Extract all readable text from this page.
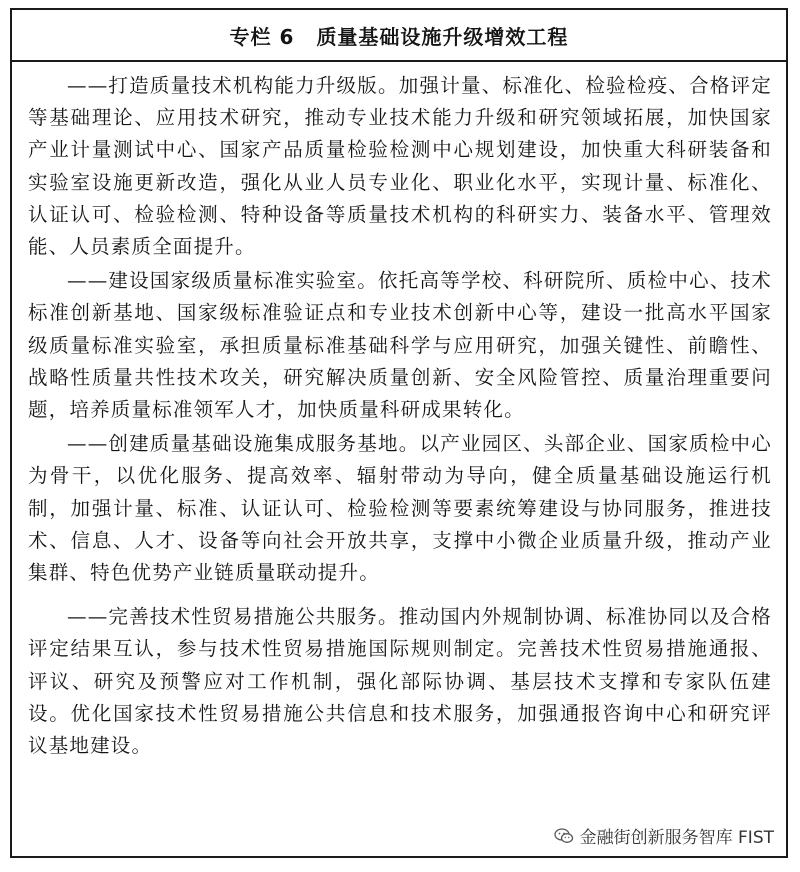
专栏 6 质量基础设施升级增效工程

——打造质量技术机构能力升级版。加强计量、标准化、检验检疫、合格评定等基础理论、应用技术研究，推动专业技术能力升级和研究领域拓展，加快国家产业计量测试中心、国家产品质量检验检测中心规划建设，加快重大科研装备和实验室设施更新改造，强化从业人员专业化、职业化水平，实现计量、标准化、认证认可、检验检测、特种设备等质量技术机构的科研实力、装备水平、管理效能、人员素质全面提升。

——建设国家级质量标准实验室。依托高等学校、科研院所、质检中心、技术标准创新基地、国家级标准验证点和专业技术创新中心等，建设一批高水平国家级质量标准实验室，承担质量标准基础科学与应用研究，加强关键性、前瞻性、战略性质量共性技术攻关，研究解决质量创新、安全风险管控、质量治理重要问题，培养质量标准领军人才，加快质量科研成果转化。

——创建质量基础设施集成服务基地。以产业园区、头部企业、国家质检中心为骨干，以优化服务、提高效率、辐射带动为导向，健全质量基础设施运行机制，加强计量、标准、认证认可、检验检测等要素统筹建设与协同服务，推进技术、信息、人才、设备等向社会开放共享，支撑中小微企业质量升级，推动产业集群、特色优势产业链质量联动提升。

——完善技术性贸易措施公共服务。推动国内外规制协调、标准协同以及合格评定结果互认，参与技术性贸易措施国际规则制定。完善技术性贸易措施通报、评议、研究及预警应对工作机制，强化部际协调、基层技术支撑和专家队伍建设。优化国家技术性贸易措施公共信息和技术服务，加强通报咨询中心和研究评议基地建设。

金融街创新服务智库 FIST
